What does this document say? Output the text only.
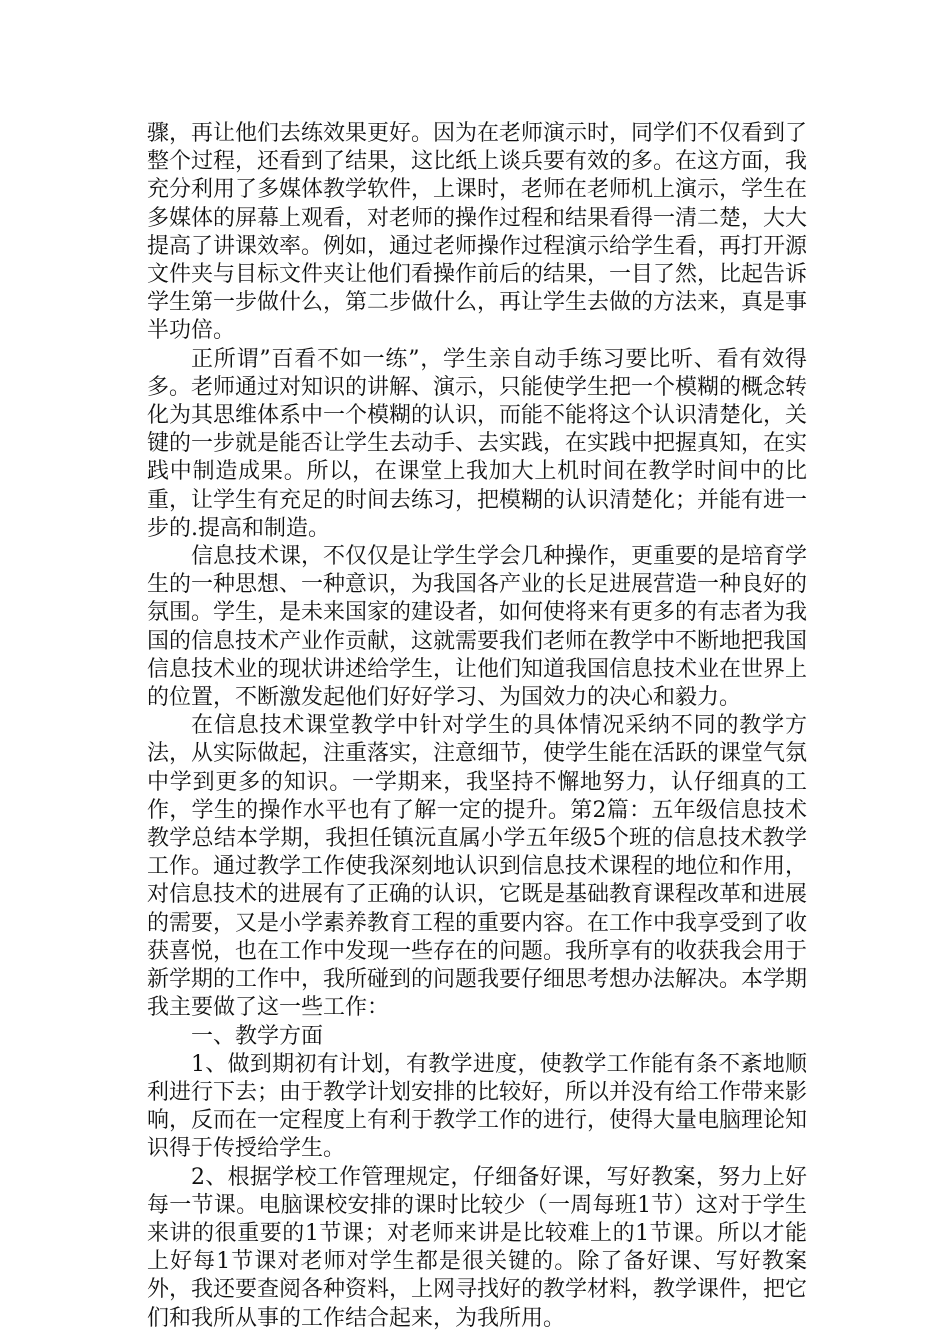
骤，再让他们去练效果更好。因为在老师演示时，同学们不仅看到了整个过程，还看到了结果，这比纸上谈兵要有效的多。在这方面，我充分利用了多媒体教学软件，上课时，老师在老师机上演示，学生在多媒体的屏幕上观看，对老师的操作过程和结果看得一清二楚，大大提高了讲课效率。例如，通过老师操作过程演示给学生看，再打开源文件夹与目标文件夹让他们看操作前后的结果，一目了然，比起告诉学生第一步做什么，第二步做什么，再让学生去做的方法来，真是事半功倍。

正所谓”百看不如一练”，学生亲自动手练习要比听、看有效得多。老师通过对知识的讲解、演示，只能使学生把一个模糊的概念转化为其思维体系中一个模糊的认识，而能不能将这个认识清楚化，关键的一步就是能否让学生去动手、去实践，在实践中把握真知，在实践中制造成果。所以，在课堂上我加大上机时间在教学时间中的比重，让学生有充足的时间去练习，把模糊的认识清楚化；并能有进一步的.提高和制造。

信息技术课，不仅仅是让学生学会几种操作，更重要的是培育学生的一种思想、一种意识，为我国各产业的长足进展营造一种良好的氛围。学生，是未来国家的建设者，如何使将来有更多的有志者为我国的信息技术产业作贡献，这就需要我们老师在教学中不断地把我国信息技术业的现状讲述给学生，让他们知道我国信息技术业在世界上的位置，不断激发起他们好好学习、为国效力的决心和毅力。

在信息技术课堂教学中针对学生的具体情况采纳不同的教学方法，从实际做起，注重落实，注意细节，使学生能在活跃的课堂气氛中学到更多的知识。一学期来，我坚持不懈地努力，认仔细真的工作，学生的操作水平也有了解一定的提升。第2篇：五年级信息技术教学总结本学期，我担任镇沅直属小学五年级5个班的信息技术教学工作。通过教学工作使我深刻地认识到信息技术课程的地位和作用，对信息技术的进展有了正确的认识，它既是基础教育课程改革和进展的需要，又是小学素养教育工程的重要内容。在工作中我享受到了收获喜悦，也在工作中发现一些存在的问题。我所享有的收获我会用于新学期的工作中，我所碰到的问题我要仔细思考想办法解决。本学期我主要做了这一些工作：

一、教学方面

1、做到期初有计划，有教学进度，使教学工作能有条不紊地顺利进行下去；由于教学计划安排的比较好，所以并没有给工作带来影响，反而在一定程度上有利于教学工作的进行，使得大量电脑理论知识得于传授给学生。

2、根据学校工作管理规定，仔细备好课，写好教案，努力上好每一节课。电脑课校安排的课时比较少（一周每班1节）这对于学生来讲的很重要的1节课；对老师来讲是比较难上的1节课。所以才能上好每1节课对老师对学生都是很关键的。除了备好课、写好教案外，我还要查阅各种资料，上网寻找好的教学材料，教学课件，把它们和我所从事的工作结合起来，为我所用。
